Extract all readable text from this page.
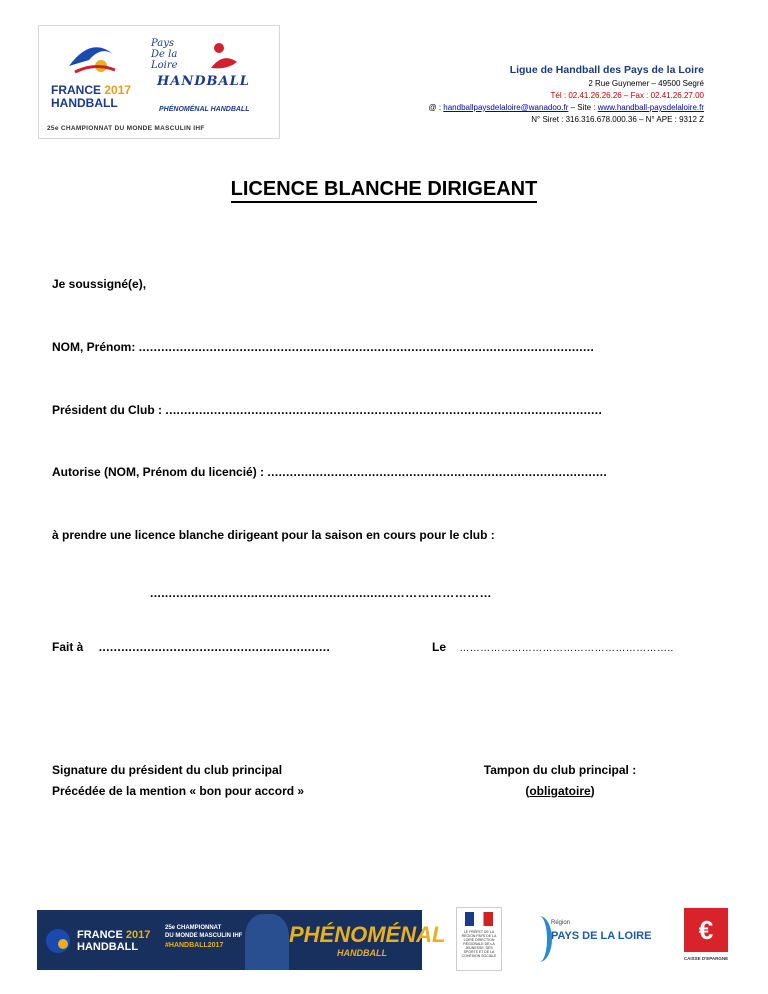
FRANCE 2017
HANDBALL
Pays
De la
Loire
HANDBALL
PHÉNOMÉNAL HANDBALL
25e CHAMPIONNAT DU MONDE MASCULIN IHF
Ligue de Handball des Pays de la Loire
2 Rue Guynemer – 49500 Segré
Tél : 02.41.26.26.26 – Fax : 02.41.26.27.00
@ : handballpaysdelaloire@wanadoo.fr – Site : www.handball-paysdelaloire.fr
N° Siret : 316.316.678.000.36 – N° APE : 9312 Z
LICENCE BLANCHE DIRIGEANT
Je soussigné(e),
NOM, Prénom: ..........................................................................................................................
Président du Club : .....................................................................................................................
Autorise (NOM, Prénom du licencié) : ...........................................................................................
à prendre une licence blanche dirigeant pour la saison en cours pour le club :
.................................................................……………………
Fait à ..............................................................	Le ……………………………………………………..
Signature du président du club principal
Précédée de la mention « bon pour accord »
Tampon du club principal :
(obligatoire)
FRANCE 2017
HANDBALL
25e CHAMPIONNAT
DU MONDE MASCULIN IHF
#HANDBALL2017	PHÉNOMÉNAL
HANDBALL
LE PRÉFET DE LA RÉGION PAYS DE LA LOIRE DIRECTION RÉGIONALE DE LA JEUNESSE, DES SPORTS ET DE LA COHÉSION SOCIALE
Région
PAYS DE LA LOIRE	€
CAISSE D'EPARGNE
